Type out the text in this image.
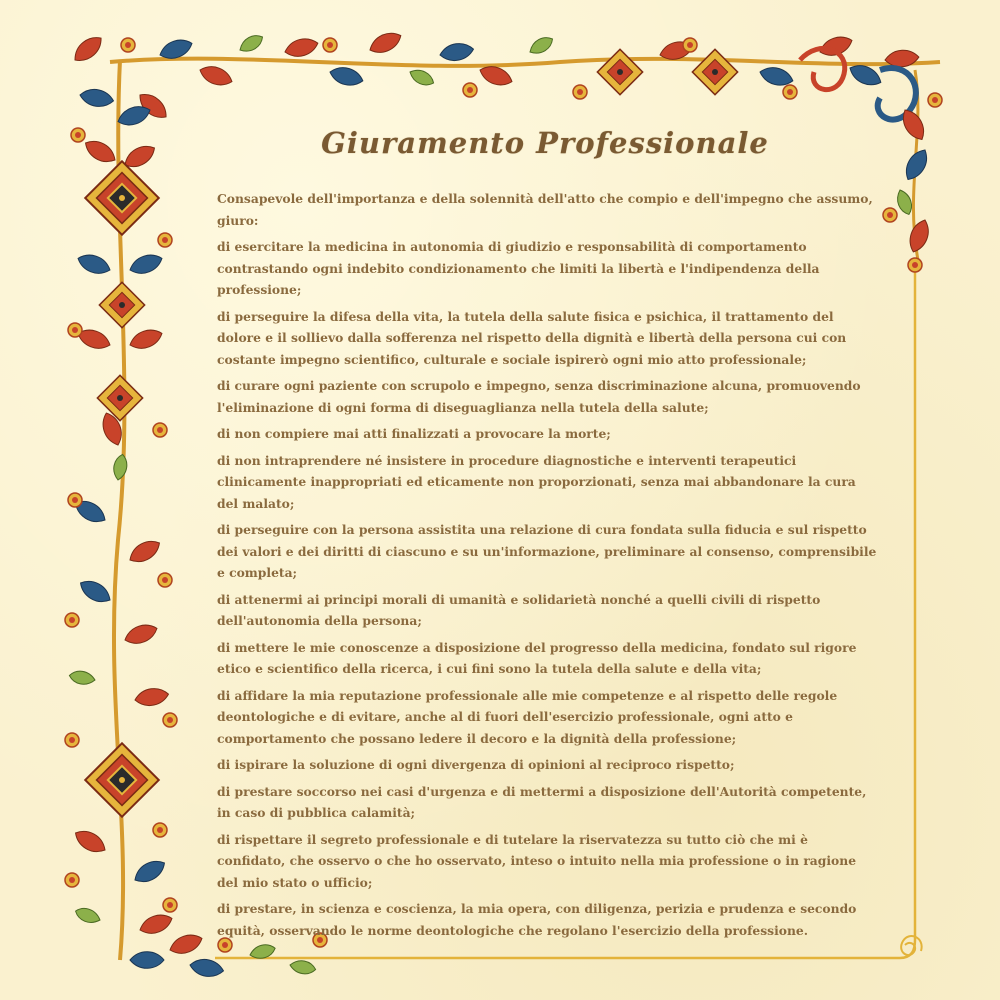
Giuramento Professionale

Consapevole dell'importanza e della solennità dell'atto che compio e dell'impegno che assumo, giuro:

di esercitare la medicina in autonomia di giudizio e responsabilità di comportamento contrastando ogni indebito condizionamento che limiti la libertà e l'indipendenza della professione;

di perseguire la difesa della vita, la tutela della salute fisica e psichica, il trattamento del dolore e il sollievo dalla sofferenza nel rispetto della dignità e libertà della persona cui con costante impegno scientifico, culturale e sociale ispirerò ogni mio atto professionale;

di curare ogni paziente con scrupolo e impegno, senza discriminazione alcuna, promuovendo l'eliminazione di ogni forma di diseguaglianza nella tutela della salute;

di non compiere mai atti finalizzati a provocare la morte;

di non intraprendere né insistere in procedure diagnostiche e interventi terapeutici clinicamente inappropriati ed eticamente non proporzionati, senza mai abbandonare la cura del malato;

di perseguire con la persona assistita una relazione di cura fondata sulla fiducia e sul rispetto dei valori e dei diritti di ciascuno e su un'informazione, preliminare al consenso, comprensibile e completa;

di attenermi ai principi morali di umanità e solidarietà nonché a quelli civili di rispetto dell'autonomia della persona;

di mettere le mie conoscenze a disposizione del progresso della medicina, fondato sul rigore etico e scientifico della ricerca, i cui fini sono la tutela della salute e della vita;

di affidare la mia reputazione professionale alle mie competenze e al rispetto delle regole deontologiche e di evitare, anche al di fuori dell'esercizio professionale, ogni atto e comportamento che possano ledere il decoro e la dignità della professione;

di ispirare la soluzione di ogni divergenza di opinioni al reciproco rispetto;

di prestare soccorso nei casi d'urgenza e di mettermi a disposizione dell'Autorità competente, in caso di pubblica calamità;

di rispettare il segreto professionale e di tutelare la riservatezza su tutto ciò che mi è confidato, che osservo o che ho osservato, inteso o intuito nella mia professione o in ragione del mio stato o ufficio;

di prestare, in scienza e coscienza, la mia opera, con diligenza, perizia e prudenza e secondo equità, osservando le norme deontologiche che regolano l'esercizio della professione.
